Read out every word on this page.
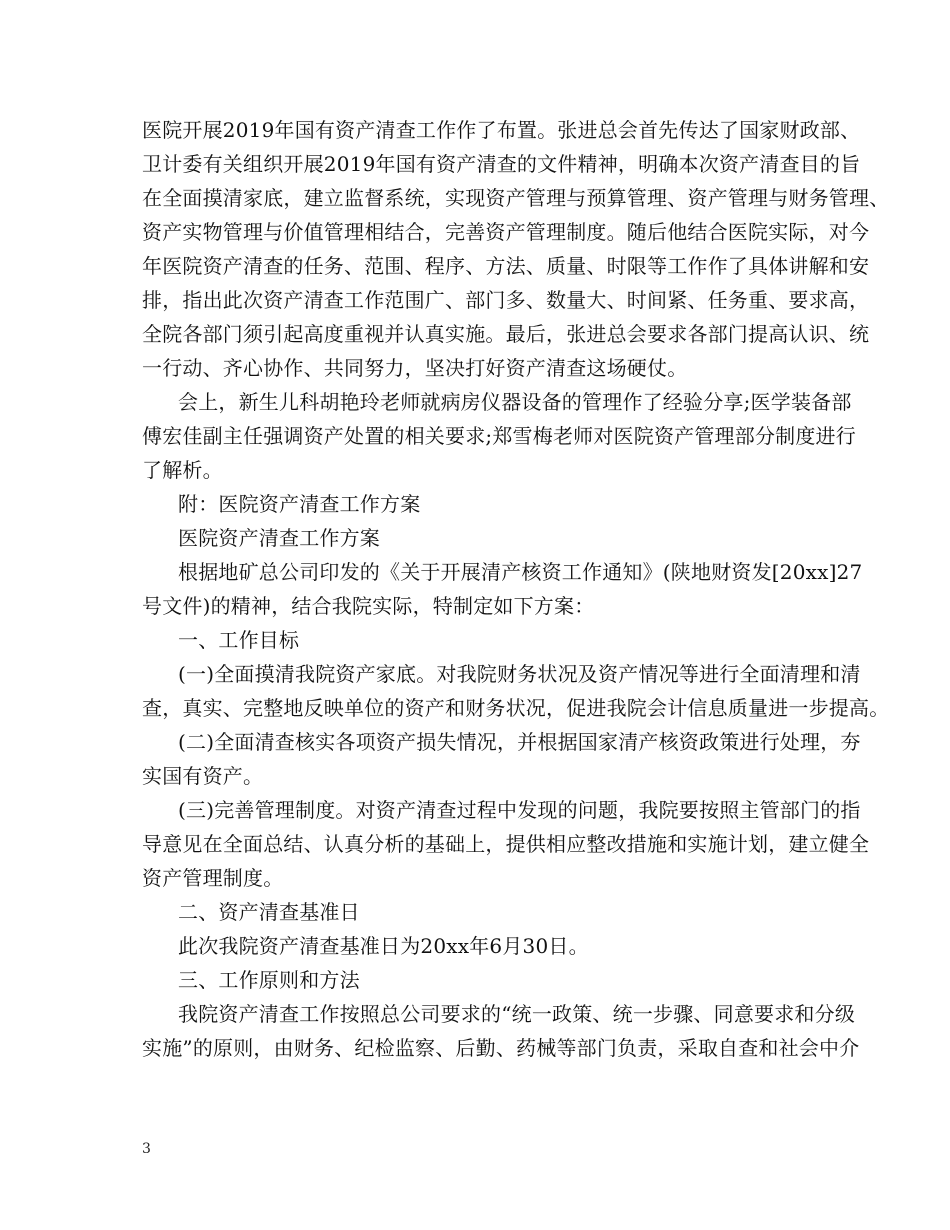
医院开展2019年国有资产清查工作作了布置。张进总会首先传达了国家财政部、
卫计委有关组织开展2019年国有资产清查的文件精神，明确本次资产清查目的旨
在全面摸清家底，建立监督系统，实现资产管理与预算管理、资产管理与财务管理、
资产实物管理与价值管理相结合，完善资产管理制度。随后他结合医院实际，对今
年医院资产清查的任务、范围、程序、方法、质量、时限等工作作了具体讲解和安
排，指出此次资产清查工作范围广、部门多、数量大、时间紧、任务重、要求高，
全院各部门须引起高度重视并认真实施。最后，张进总会要求各部门提高认识、统
一行动、齐心协作、共同努力，坚决打好资产清查这场硬仗。
会上，新生儿科胡艳玲老师就病房仪器设备的管理作了经验分享;医学装备部
傅宏佳副主任强调资产处置的相关要求;郑雪梅老师对医院资产管理部分制度进行
了解析。
附：医院资产清查工作方案
医院资产清查工作方案
根据地矿总公司印发的《关于开展清产核资工作通知》(陕地财资发[20xx]27
号文件)的精神，结合我院实际，特制定如下方案：
一、工作目标
(一)全面摸清我院资产家底。对我院财务状况及资产情况等进行全面清理和清
查，真实、完整地反映单位的资产和财务状况，促进我院会计信息质量进一步提高。
(二)全面清查核实各项资产损失情况，并根据国家清产核资政策进行处理，夯
实国有资产。
(三)完善管理制度。对资产清查过程中发现的问题，我院要按照主管部门的指
导意见在全面总结、认真分析的基础上，提供相应整改措施和实施计划，建立健全
资产管理制度。
二、资产清查基准日
此次我院资产清查基准日为20xx年6月30日。
三、工作原则和方法
我院资产清查工作按照总公司要求的“统一政策、统一步骤、同意要求和分级
实施”的原则，由财务、纪检监察、后勤、药械等部门负责，采取自查和社会中介
3
